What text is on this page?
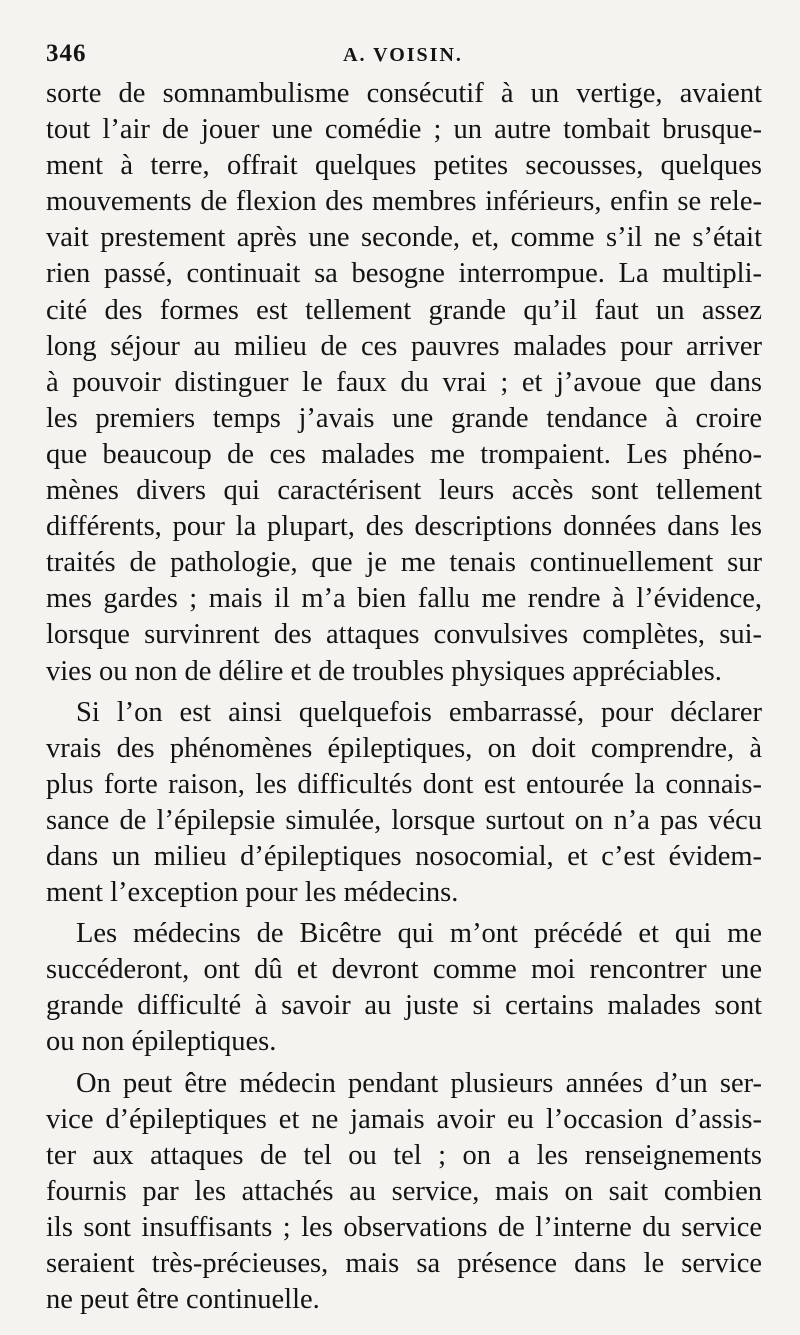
346	A. VOISIN.
sorte de somnambulisme consécutif à un vertige, avaient
tout l’air de jouer une comédie ; un autre tombait brusque-
ment à terre, offrait quelques petites secousses, quelques
mouvements de flexion des membres inférieurs, enfin se rele-
vait prestement après une seconde, et, comme s’il ne s’était
rien passé, continuait sa besogne interrompue. La multipli-
cité des formes est tellement grande qu’il faut un assez
long séjour au milieu de ces pauvres malades pour arriver
à pouvoir distinguer le faux du vrai ; et j’avoue que dans
les premiers temps j’avais une grande tendance à croire
que beaucoup de ces malades me trompaient. Les phéno-
mènes divers qui caractérisent leurs accès sont tellement
différents, pour la plupart, des descriptions données dans les
traités de pathologie, que je me tenais continuellement sur
mes gardes ; mais il m’a bien fallu me rendre à l’évidence,
lorsque survinrent des attaques convulsives complètes, sui-
vies ou non de délire et de troubles physiques appréciables.
Si l’on est ainsi quelquefois embarrassé, pour déclarer
vrais des phénomènes épileptiques, on doit comprendre, à
plus forte raison, les difficultés dont est entourée la connais-
sance de l’épilepsie simulée, lorsque surtout on n’a pas vécu
dans un milieu d’épileptiques nosocomial, et c’est évidem-
ment l’exception pour les médecins.
Les médecins de Bicêtre qui m’ont précédé et qui me
succéderont, ont dû et devront comme moi rencontrer une
grande difficulté à savoir au juste si certains malades sont
ou non épileptiques.
On peut être médecin pendant plusieurs années d’un ser-
vice d’épileptiques et ne jamais avoir eu l’occasion d’assis-
ter aux attaques de tel ou tel ; on a les renseignements
fournis par les attachés au service, mais on sait combien
ils sont insuffisants ; les observations de l’interne du service
seraient très-précieuses, mais sa présence dans le service
ne peut être continuelle.
